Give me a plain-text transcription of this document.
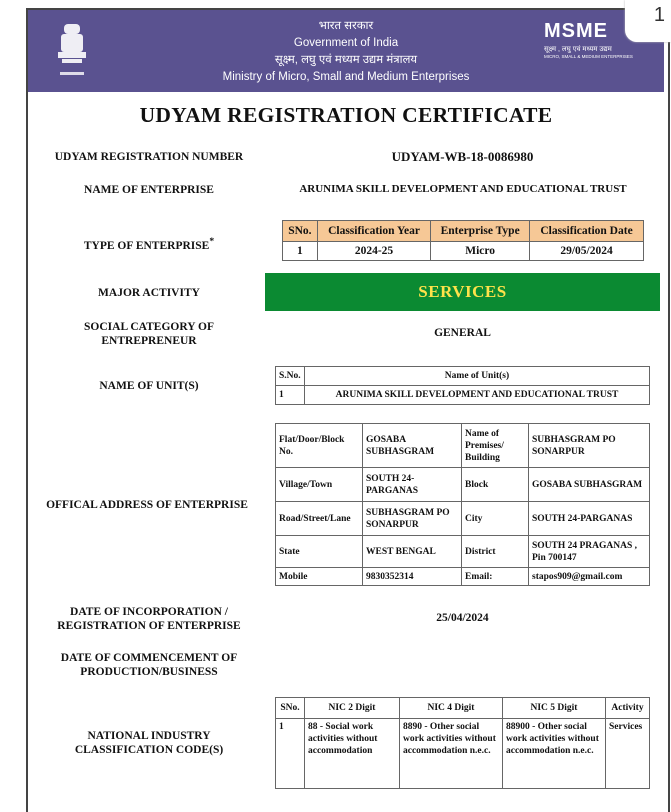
भारत सरकार
Government of India
सूक्ष्म, लघु एवं मध्यम उद्यम मंत्रालय
Ministry of Micro, Small and Medium Enterprises
MSME
सूक्ष्म , लघु एवं मध्यम उद्यम
MICRO, SMALL & MEDIUM ENTERPRISES
1
UDYAM REGISTRATION CERTIFICATE
UDYAM REGISTRATION NUMBER	UDYAM-WB-18-0086980
NAME OF ENTERPRISE	ARUNIMA SKILL DEVELOPMENT AND EDUCATIONAL TRUST
TYPE OF ENTERPRISE*
SNo.	Classification Year	Enterprise Type	Classification Date
1	2024-25	Micro	29/05/2024
MAJOR ACTIVITY	SERVICES
SOCIAL CATEGORY OF
ENTREPRENEUR
GENERAL
NAME OF UNIT(S)
S.No.	Name of Unit(s)
1	ARUNIMA SKILL DEVELOPMENT AND EDUCATIONAL TRUST
OFFICAL ADDRESS OF ENTERPRISE
Flat/Door/Block No.	GOSABA SUBHASGRAM	Name of Premises/ Building	SUBHASGRAM PO SONARPUR
Village/Town	SOUTH 24-PARGANAS	Block	GOSABA SUBHASGRAM
Road/Street/Lane	SUBHASGRAM PO SONARPUR	City	SOUTH 24-PARGANAS
State	WEST BENGAL	District	SOUTH 24 PRAGANAS , Pin 700147
Mobile	9830352314	Email:	stapos909@gmail.com
DATE OF INCORPORATION /
REGISTRATION OF ENTERPRISE
25/04/2024
DATE OF COMMENCEMENT OF
PRODUCTION/BUSINESS
NATIONAL INDUSTRY
CLASSIFICATION CODE(S)
SNo.	NIC 2 Digit	NIC 4 Digit	NIC 5 Digit	Activity
1	88 - Social work activities without accommodation	8890 - Other social work activities without accommodation n.e.c.	88900 - Other social work activities without accommodation n.e.c.	Services
